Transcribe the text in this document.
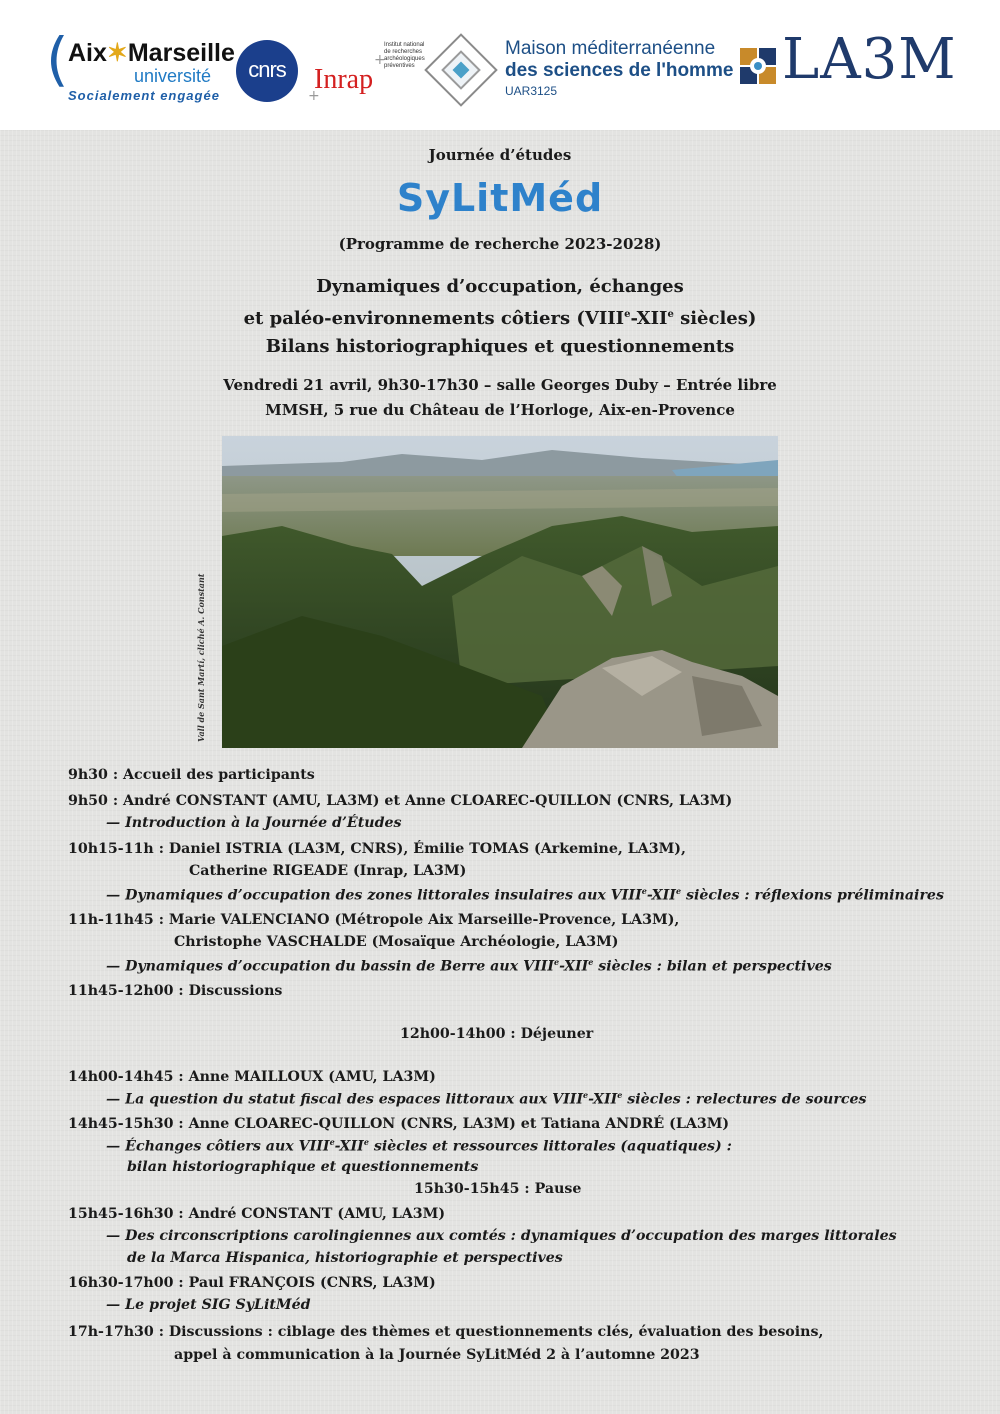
( Aix✶Marseille
université
Socialement engagée
cnrs
Institut national de recherches archéologiques préventives
Inrap
+
+
Maison méditerranéenne
des sciences de l'homme
UAR3125	LA3M
Journée d’études
SyLitMéd
(Programme de recherche 2023-2028)
Dynamiques d’occupation, échanges
et paléo-environnements côtiers (VIIIe-XIIe siècles)
Bilans historiographiques et questionnements
Vendredi 21 avril, 9h30-17h30 – salle Georges Duby – Entrée libre
MMSH, 5 rue du Château de l’Horloge, Aix-en-Provence
Vall de Sant Martí, cliché A. Constant
9h30 : Accueil des participants
9h50 : André CONSTANT (AMU, LA3M) et Anne CLOAREC-QUILLON (CNRS, LA3M)
— Introduction à la Journée d’Études
10h15-11h : Daniel ISTRIA (LA3M, CNRS), Émilie TOMAS (Arkemine, LA3M),
Catherine RIGEADE (Inrap, LA3M)
— Dynamiques d’occupation des zones littorales insulaires aux VIIIe-XIIe siècles : réflexions préliminaires
11h-11h45 : Marie VALENCIANO (Métropole Aix Marseille-Provence, LA3M),
Christophe VASCHALDE (Mosaïque Archéologie, LA3M)
— Dynamiques d’occupation du bassin de Berre aux VIIIe-XIIe siècles : bilan et perspectives
11h45-12h00 : Discussions
12h00-14h00 : Déjeuner
14h00-14h45 : Anne MAILLOUX (AMU, LA3M)
— La question du statut fiscal des espaces littoraux aux VIIIe-XIIe siècles : relectures de sources
14h45-15h30 : Anne CLOAREC-QUILLON (CNRS, LA3M) et Tatiana ANDRÉ (LA3M)
— Échanges côtiers aux VIIIe-XIIe siècles et ressources littorales (aquatiques) :
bilan historiographique et questionnements
15h30-15h45 : Pause
15h45-16h30 : André CONSTANT (AMU, LA3M)
— Des circonscriptions carolingiennes aux comtés : dynamiques d’occupation des marges littorales
de la Marca Hispanica, historiographie et perspectives
16h30-17h00 : Paul FRANÇOIS (CNRS, LA3M)
— Le projet SIG SyLitMéd
17h-17h30 : Discussions : ciblage des thèmes et questionnements clés, évaluation des besoins,
appel à communication à la Journée SyLitMéd 2 à l’automne 2023
